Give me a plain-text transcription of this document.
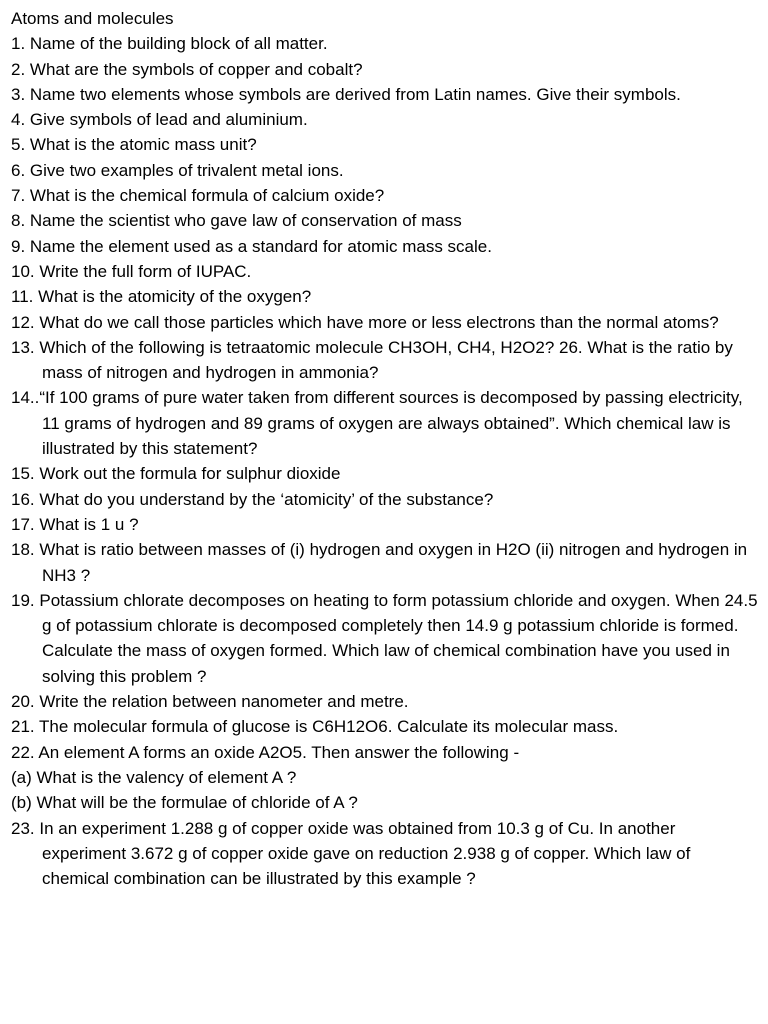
Atoms and molecules
1. Name of the building block of all matter.
2. What are the symbols of copper and cobalt?
3. Name two elements whose symbols are derived from Latin names. Give their symbols.
4. Give symbols of lead and aluminium.
5. What is the atomic mass unit?
6. Give two examples of trivalent metal ions.
7. What is the chemical formula of calcium oxide?
8. Name the scientist who gave law of conservation of mass
9. Name the element used as a standard for atomic mass scale.
10. Write the full form of IUPAC.
11. What is the atomicity of the oxygen?
12. What do we call those particles which have more or less electrons than the normal atoms?
13. Which of the following is tetraatomic molecule CH3OH, CH4, H2O2? 26. What is the ratio by mass of nitrogen and hydrogen in ammonia?
14..“If 100 grams of pure water taken from different sources is decomposed by passing electricity, 11 grams of hydrogen and 89 grams of oxygen are always obtained”. Which chemical law is illustrated by this statement?
15. Work out the formula for sulphur dioxide
16. What do you understand by the ‘atomicity’ of the substance?
17. What is 1 u ?
18. What is ratio between masses of (i) hydrogen and oxygen in H2O (ii) nitrogen and hydrogen in NH3 ?
19. Potassium chlorate decomposes on heating to form potassium chloride and oxygen. When 24.5 g of potassium chlorate is decomposed completely then 14.9 g potassium chloride is formed. Calculate the mass of oxygen formed. Which law of chemical combination have you used in solving this problem ?
20. Write the relation between nanometer and metre.
21. The molecular formula of glucose is C6H12O6. Calculate its molecular mass.
22. An element A forms an oxide A2O5. Then answer the following -
(a) What is the valency of element A ?
(b) What will be the formulae of chloride of A ?
23. In an experiment 1.288 g of copper oxide was obtained from 10.3 g of Cu. In another experiment 3.672 g of copper oxide gave on reduction 2.938 g of copper. Which law of chemical combination can be illustrated by this example ?
